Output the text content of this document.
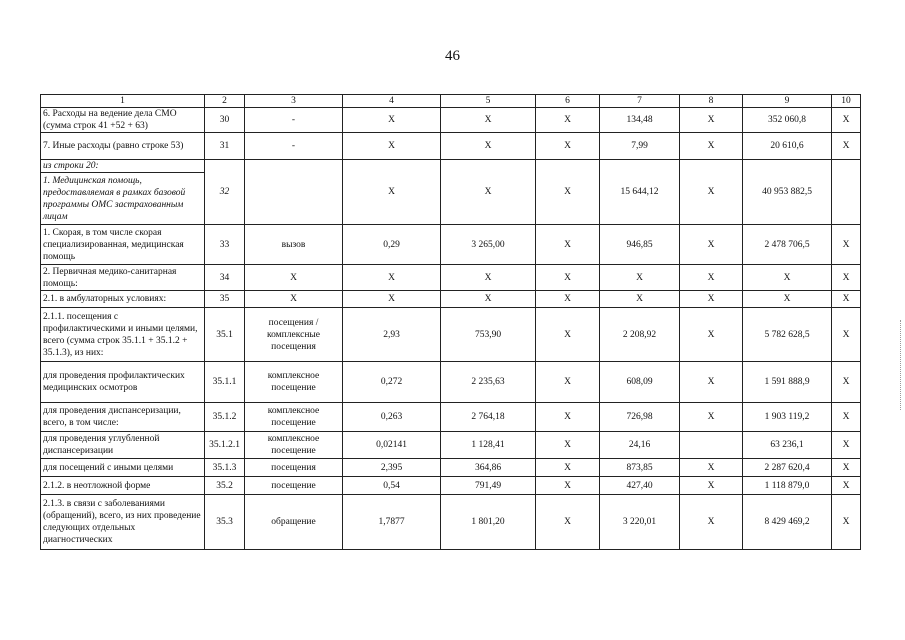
46
1	2	3	4	5	6	7	8	9	10
6. Расходы на ведение дела СМО (сумма строк 41 +52 + 63)	30	-	Х	Х	Х	134,48	Х	352 060,8	Х
7. Иные расходы (равно строке 53)	31	-	Х	Х	Х	7,99	Х	20 610,6	Х
из строки 20:	32		Х	Х	Х	15 644,12	Х	40 953 882,5	
1. Медицинская помощь, предоставляемая в рамках базовой программы ОМС застрахованным лицам									
1. Скорая, в том числе скорая специализированная, медицинская помощь	33	вызов	0,29	3 265,00	Х	946,85	Х	2 478 706,5	Х
2. Первичная медико-санитарная помощь:	34	Х	Х	Х	Х	Х	Х	Х	Х
2.1. в амбулаторных условиях:	35	Х	Х	Х	Х	Х	Х	Х	Х
2.1.1. посещения с профилактическими и иными целями, всего (сумма строк 35.1.1 + 35.1.2 + 35.1.3), из них:	35.1	посещения / комплексные посещения	2,93	753,90	Х	2 208,92	Х	5 782 628,5	Х
для проведения профилактических медицинских осмотров	35.1.1	комплексное посещение	0,272	2 235,63	Х	608,09	Х	1 591 888,9	Х
для проведения диспансеризации, всего, в том числе:	35.1.2	комплексное посещение	0,263	2 764,18	Х	726,98	Х	1 903 119,2	Х
для проведения углубленной диспансеризации	35.1.2.1	комплексное посещение	0,02141	1 128,41	Х	24,16		63 236,1	Х
для посещений с иными целями	35.1.3	посещения	2,395	364,86	Х	873,85	Х	2 287 620,4	Х
2.1.2. в неотложной форме	35.2	посещение	0,54	791,49	Х	427,40	Х	1 118 879,0	Х
2.1.3. в связи с заболеваниями (обращений), всего, из них проведение следующих отдельных диагностических	35.3	обращение	1,7877	1 801,20	Х	3 220,01	Х	8 429 469,2	Х
